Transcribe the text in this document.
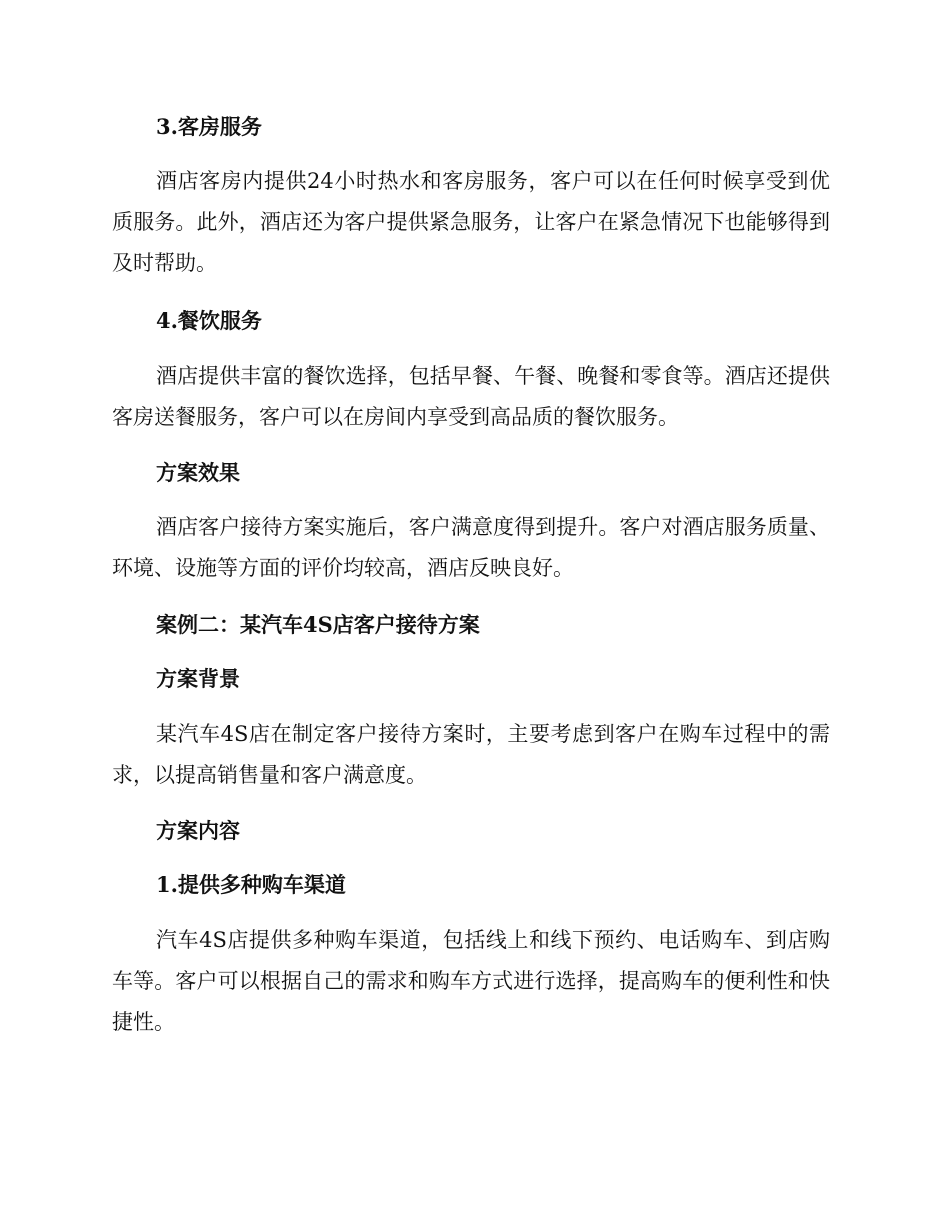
3.客房服务
酒店客房内提供24小时热水和客房服务，客户可以在任何时候享受到优质服务。此外，酒店还为客户提供紧急服务，让客户在紧急情况下也能够得到及时帮助。
4.餐饮服务
酒店提供丰富的餐饮选择，包括早餐、午餐、晚餐和零食等。酒店还提供客房送餐服务，客户可以在房间内享受到高品质的餐饮服务。
方案效果
酒店客户接待方案实施后，客户满意度得到提升。客户对酒店服务质量、环境、设施等方面的评价均较高，酒店反映良好。
案例二：某汽车4S店客户接待方案
方案背景
某汽车4S店在制定客户接待方案时，主要考虑到客户在购车过程中的需求，以提高销售量和客户满意度。
方案内容
1.提供多种购车渠道
汽车4S店提供多种购车渠道，包括线上和线下预约、电话购车、到店购车等。客户可以根据自己的需求和购车方式进行选择，提高购车的便利性和快捷性。
